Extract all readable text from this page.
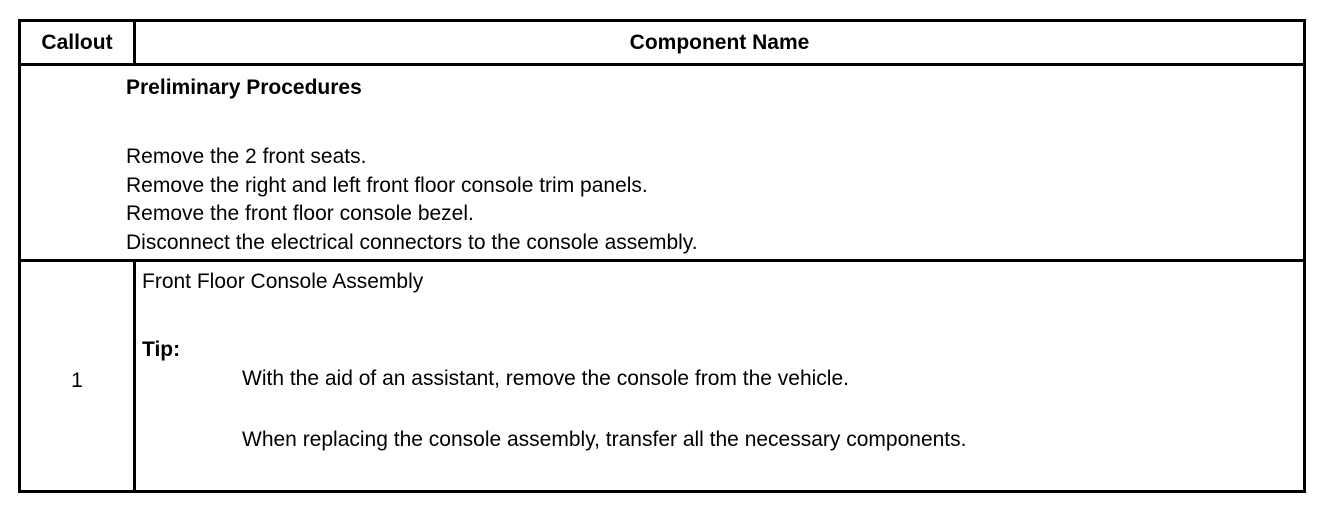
Callout	Component Name
Preliminary Procedures
Remove the 2 front seats.
Remove the right and left front floor console trim panels.
Remove the front floor console bezel.
Disconnect the electrical connectors to the console assembly.
1
Front Floor Console Assembly
Tip:
With the aid of an assistant, remove the console from the vehicle.
When replacing the console assembly, transfer all the necessary components.
